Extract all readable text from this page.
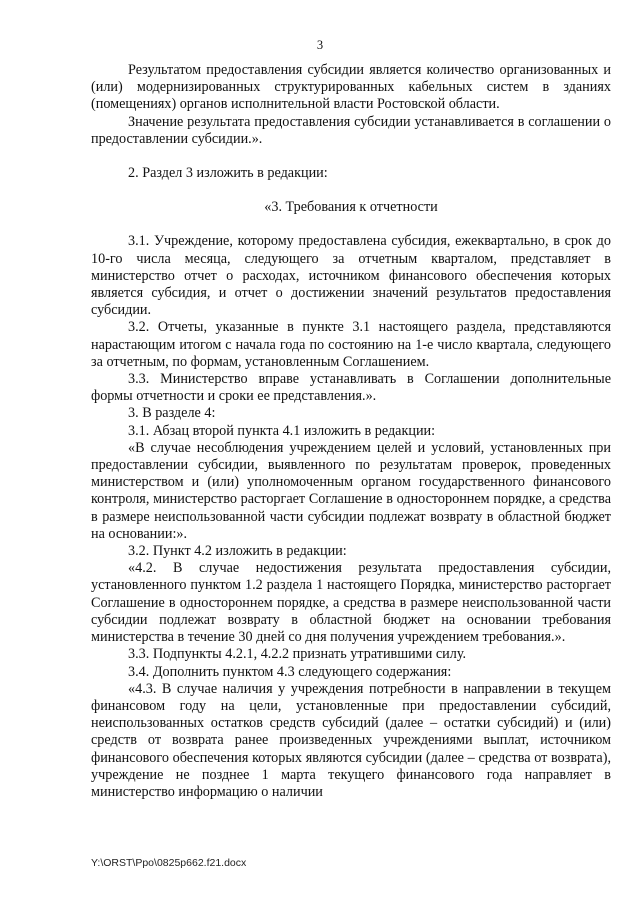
3

Результатом предоставления субсидии является количество организованных и (или) модернизированных структурированных кабельных систем в зданиях (помещениях) органов исполнительной власти Ростовской области.

Значение результата предоставления субсидии устанавливается в соглашении о предоставлении субсидии.».

2. Раздел 3 изложить в редакции:

«3. Требования к отчетности

3.1. Учреждение, которому предоставлена субсидия, ежеквартально, в срок до 10-го числа месяца, следующего за отчетным кварталом, представляет в министерство отчет о расходах, источником финансового обеспечения которых является субсидия, и отчет о достижении значений результатов предоставления субсидии.

3.2. Отчеты, указанные в пункте 3.1 настоящего раздела, представляются нарастающим итогом с начала года по состоянию на 1-е число квартала, следующего за отчетным, по формам, установленным Соглашением.

3.3. Министерство вправе устанавливать в Соглашении дополнительные формы отчетности и сроки ее представления.».

3. В разделе 4:

3.1. Абзац второй пункта 4.1 изложить в редакции:

«В случае несоблюдения учреждением целей и условий, установленных при предоставлении субсидии, выявленного по результатам проверок, проведенных министерством и (или) уполномоченным органом государственного финансового контроля, министерство расторгает Соглашение в одностороннем порядке, а средства в размере неиспользованной части субсидии подлежат возврату в областной бюджет на основании:».

3.2. Пункт 4.2 изложить в редакции:

«4.2. В случае недостижения результата предоставления субсидии, установленного пунктом 1.2 раздела 1 настоящего Порядка, министерство расторгает Соглашение в одностороннем порядке, а средства в размере неиспользованной части субсидии подлежат возврату в областной бюджет на основании требования министерства в течение 30 дней со дня получения учреждением требования.».

3.3. Подпункты 4.2.1, 4.2.2 признать утратившими силу.

3.4. Дополнить пунктом 4.3 следующего содержания:

«4.3. В случае наличия у учреждения потребности в направлении в текущем финансовом году на цели, установленные при предоставлении субсидий, неиспользованных остатков средств субсидий (далее – остатки субсидий) и (или) средств от возврата ранее произведенных учреждениями выплат, источником финансового обеспечения которых являются субсидии (далее – средства от возврата), учреждение не позднее 1 марта текущего финансового года направляет в министерство информацию о наличии

Y:\ORST\Ppo\0825p662.f21.docx
